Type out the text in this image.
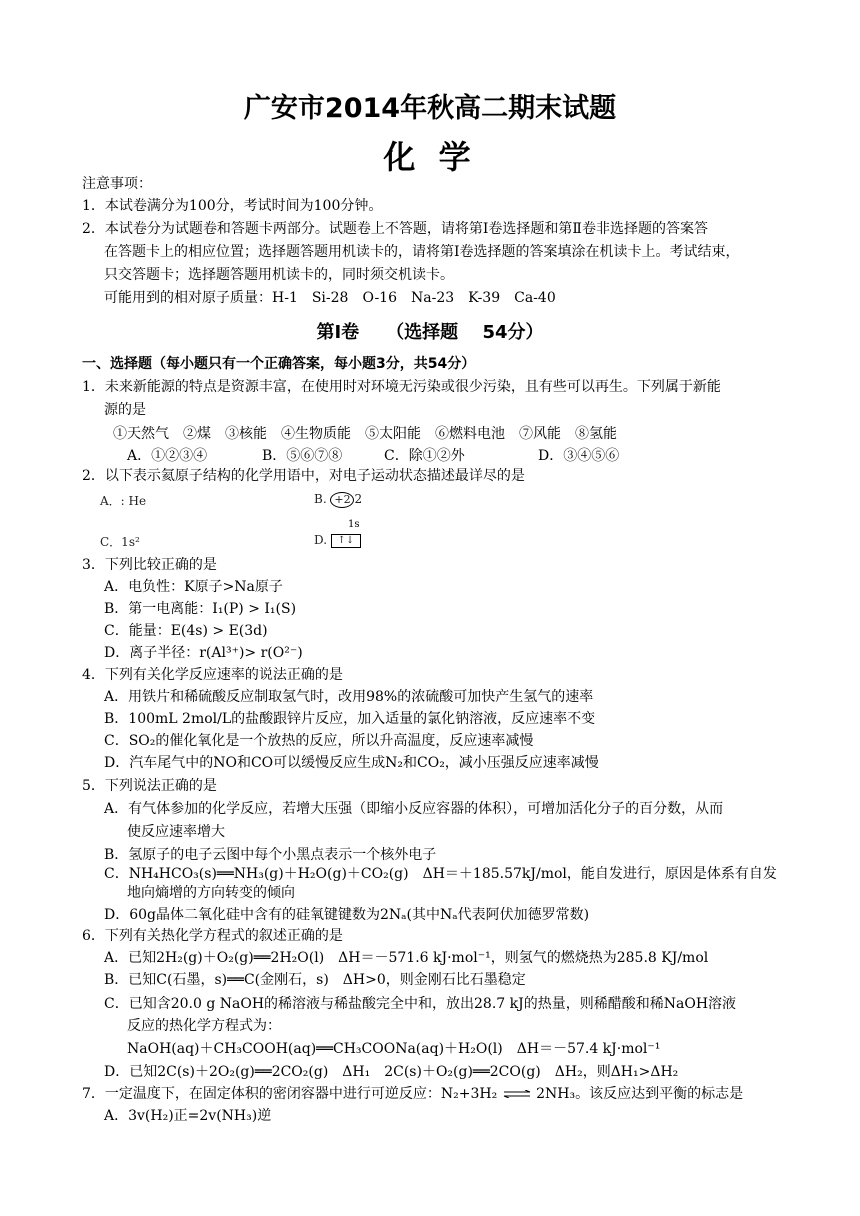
广安市2014年秋高二期末试题
化 学
注意事项：
1．本试卷满分为100分，考试时间为100分钟。
2．本试卷分为试题卷和答题卡两部分。试题卷上不答题，请将第Ⅰ卷选择题和第Ⅱ卷非选择题的答案答
在答题卡上的相应位置；选择题答题用机读卡的，请将第I卷选择题的答案填涂在机读卡上。考试结束，
只交答题卡；选择题答题用机读卡的，同时须交机读卡。
可能用到的相对原子质量：H-1　Si-28　O-16　Na-23　K-39　Ca-40
第Ⅰ卷　　（选择题　 54分）
一、选择题（每小题只有一个正确答案，每小题3分，共54分）
1．未来新能源的特点是资源丰富，在使用时对环境无污染或很少污染，且有些可以再生。下列属于新能
源的是
①天然气　②煤　③核能　④生物质能　⑤太阳能　⑥燃料电池　⑦风能　⑧氢能
A．①②③④	B．⑤⑥⑦⑧	C．除①②外	D．③④⑤⑥
2．以下表示氦原子结构的化学用语中，对电子运动状态描述最详尽的是
A．: He	B. +2 2
C．1s²
1s
D. ↑↓
3．下列比较正确的是
A．电负性：K原子>Na原子
B．第一电离能：I₁(P) > I₁(S)
C．能量：E(4s) > E(3d)
D．离子半径：r(Al³⁺)> r(O²⁻)
4．下列有关化学反应速率的说法正确的是
A．用铁片和稀硫酸反应制取氢气时，改用98%的浓硫酸可加快产生氢气的速率
B．100mL 2mol/L的盐酸跟锌片反应，加入适量的氯化钠溶液，反应速率不变
C．SO₂的催化氧化是一个放热的反应，所以升高温度，反应速率减慢
D．汽车尾气中的NO和CO可以缓慢反应生成N₂和CO₂，减小压强反应速率减慢
5．下列说法正确的是
A．有气体参加的化学反应，若增大压强（即缩小反应容器的体积），可增加活化分子的百分数，从而
使反应速率增大
B．氢原子的电子云图中每个小黑点表示一个核外电子
C．NH₄HCO₃(s)══NH₃(g)＋H₂O(g)＋CO₂(g)　ΔH＝＋185.57kJ/mol，能自发进行，原因是体系有自发
地向熵增的方向转变的倾向
D．60g晶体二氧化硅中含有的硅氧键键数为2Nₐ(其中Nₐ代表阿伏加德罗常数)
6．下列有关热化学方程式的叙述正确的是
A．已知2H₂(g)＋O₂(g)══2H₂O(l)　ΔH＝－571.6 kJ·mol⁻¹，则氢气的燃烧热为285.8 KJ/mol
B．已知C(石墨，s)══C(金刚石，s)　ΔH>0，则金刚石比石墨稳定
C．已知含20.0 g NaOH的稀溶液与稀盐酸完全中和，放出28.7 kJ的热量，则稀醋酸和稀NaOH溶液
反应的热化学方程式为：
NaOH(aq)＋CH₃COOH(aq)══CH₃COONa(aq)＋H₂O(l)　ΔH＝－57.4 kJ·mol⁻¹
D．已知2C(s)＋2O₂(g)══2CO₂(g)　ΔH₁　2C(s)＋O₂(g)══2CO(g)　ΔH₂，则ΔH₁>ΔH₂
7．一定温度下，在固定体积的密闭容器中进行可逆反应：N₂+3H₂ ⇌ 2NH₃。该反应达到平衡的标志是
A．3v(H₂)正=2v(NH₃)逆
